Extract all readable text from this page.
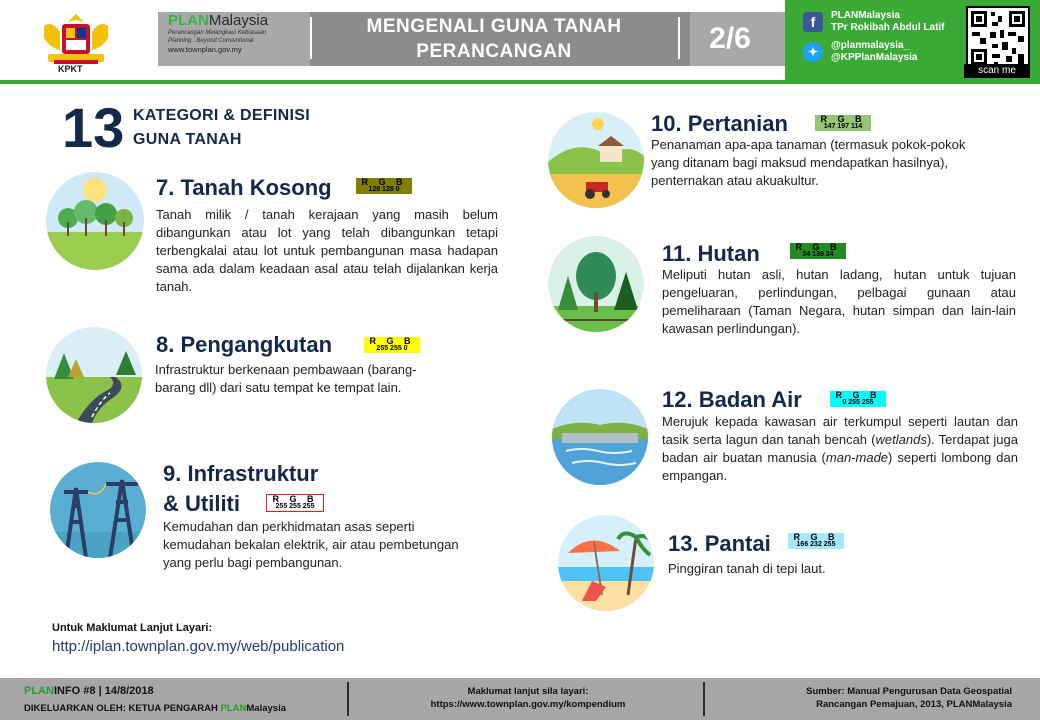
KPKT
PLANMalaysia
Perancangan Melangkaui Kebiasaan
Planning : Beyond Conventional
www.townplan.gov.my
MENGENALI GUNA TANAH
PERANCANGAN	2/6	f	PLANMalaysia
TPr Rokibah Abdul Latif
✦	@planmalaysia_
@KPPlanMalaysia
scan me
13 KATEGORI & DEFINISI
GUNA TANAH
7. Tanah Kosong	R G B
128 128 0
Tanah milik / tanah kerajaan yang masih belum dibangunkan atau lot yang telah dibangunkan tetapi terbengkalai atau lot untuk pembangunan masa hadapan sama ada dalam keadaan asal atau telah dijalankan kerja tanah.
8. Pengangkutan	R G B
255 255 0
Infrastruktur berkenaan pembawaan (barang-barang dll) dari satu tempat ke tempat lain.
9. Infrastruktur
& Utiliti	R G B
255 255 255
Kemudahan dan perkhidmatan asas seperti kemudahan bekalan elektrik, air atau pembetungan yang perlu bagi pembangunan.
10. Pertanian	R G B
147 197 114
Penanaman apa-apa tanaman (termasuk pokok-pokok yang ditanam bagi maksud mendapatkan hasilnya), penternakan atau akuakultur.
11. Hutan	R G B
34 139 34
Meliputi hutan asli, hutan ladang, hutan untuk tujuan pengeluaran, perlindungan, pelbagai gunaan atau pemeliharaan (Taman Negara, hutan simpan dan lain-lain kawasan perlindungan).
12. Badan Air	R G B
0 255 255
Merujuk kepada kawasan air terkumpul seperti lautan dan tasik serta lagun dan tanah bencah (wetlands). Terdapat juga badan air buatan manusia (man-made) seperti lombong dan empangan.
13. Pantai	R G B
166 232 255
Pinggiran tanah di tepi laut.
Untuk Maklumat Lanjut Layari:
http://iplan.townplan.gov.my/web/publication
PLANINFO #8 | 14/8/2018
DIKELUARKAN OLEH: KETUA PENGARAH PLANMalaysia
Maklumat lanjut sila layari:
https://www.townplan.gov.my/kompendium
Sumber: Manual Pengurusan Data Geospatial
Rancangan Pemajuan, 2013, PLANMalaysia
